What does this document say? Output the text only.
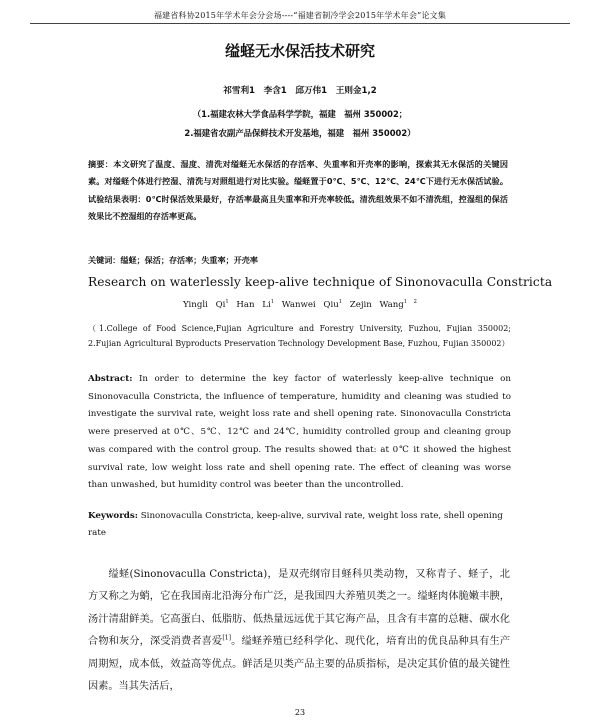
福建省科协2015年学术年会分会场----“福建省制冷学会2015年学术年会”论文集
缢蛏无水保活技术研究
祁雪利1　李含1　邱万伟1　王则金1,2
（1.福建农林大学食品科学学院，福建　福州 350002；
2.福建省农副产品保鲜技术开发基地，福建　福州 350002）
摘要：本文研究了温度、湿度、清洗对缢蛏无水保活的存活率、失重率和开壳率的影响，探索其无水保活的关键因素。对缢蛏个体进行控湿、清洗与对照组进行对比实验。缢蛏置于0℃、5℃、12℃、24℃下进行无水保活试验。试验结果表明：0℃时保活效果最好，存活率最高且失重率和开壳率较低。清洗组效果不如不清洗组，控湿组的保活效果比不控湿组的存活率更高。
关键词：缢蛏；保活；存活率；失重率；开壳率
Research on waterlessly keep-alive technique of Sinonovaculla Constricta
Yingli Qi$^1$ Han Li$^1$ Wanwei Qiu$^1$ Zejin Wang$^{1 2}$
（1.College of Food Science,Fujian Agriculture and Forestry University, Fuzhou, Fujian 350002; 2.Fujian Agricultural Byproducts Preservation Technology Development Base, Fuzhou, Fujian 350002）
Abstract: In order to determine the key factor of waterlessly keep-alive technique on Sinonovaculla Constricta, the influence of temperature, humidity and cleaning was studied to investigate the survival rate, weight loss rate and shell opening rate. Sinonovaculla Constricta were preserved at 0℃、5℃、12℃ and 24℃, humidity controlled group and cleaning group was compared with the control group. The results showed that: at 0℃ it showed the highest survival rate, low weight loss rate and shell opening rate. The effect of cleaning was worse than unwashed, but humidity control was beeter than the uncontrolled.
Keywords: Sinonovaculla Constricta, keep-alive, survival rate, weight loss rate, shell opening rate
缢蛏(Sinonovaculla Constricta)，是双壳纲帘目蛏科贝类动物，又称青子、蛏子，北方又称之为蛸，它在我国南北沿海分布广泛，是我国四大养殖贝类之一。缢蛏肉体脆嫩丰腴，汤汁清甜鲜美。它高蛋白、低脂肪、低热量远远优于其它海产品，且含有丰富的总糖、碳水化合物和灰分，深受消费者喜爱[1]。缢蛏养殖已经科学化、现代化，培育出的优良品种具有生产周期短，成本低，效益高等优点。鲜活是贝类产品主要的品质指标，是决定其价值的最关键性因素。当其失活后，
23
